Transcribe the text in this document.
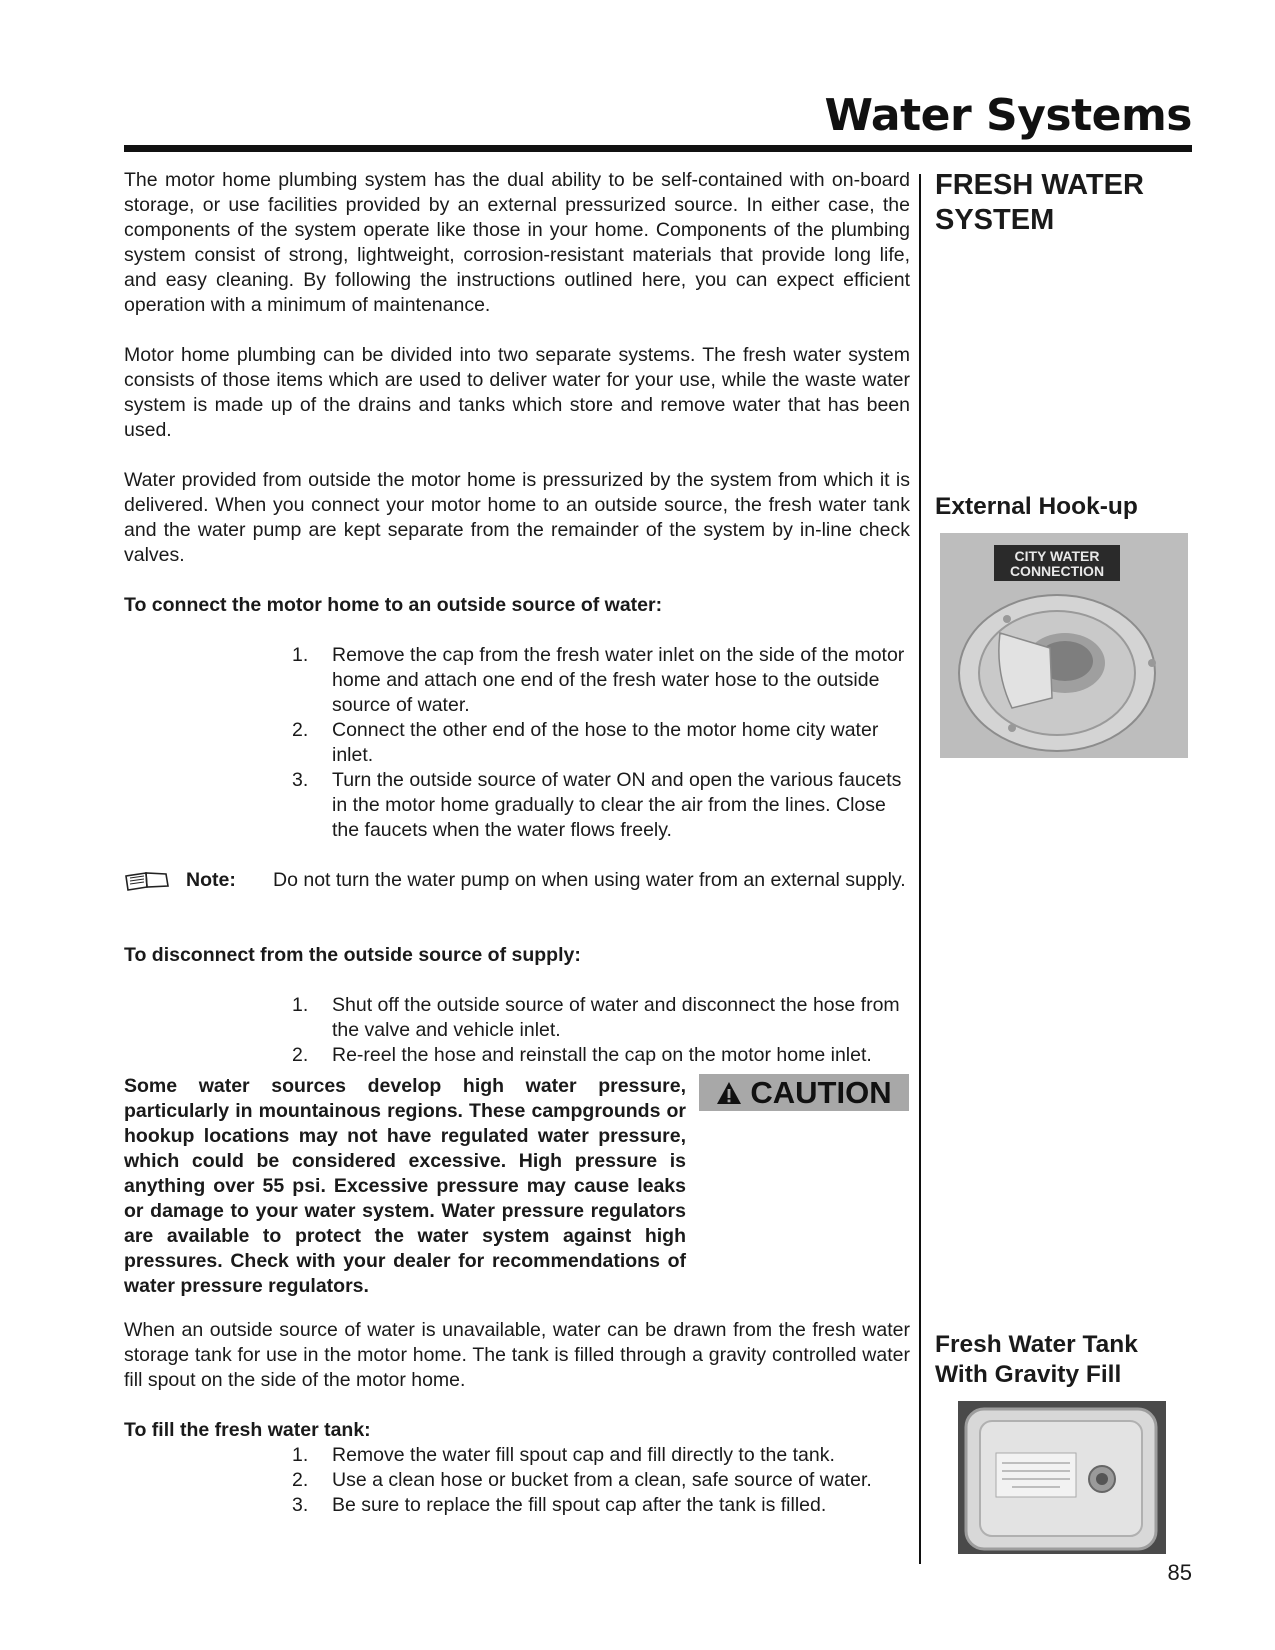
Water Systems

The motor home plumbing system has the dual ability to be self-contained with on-board storage, or use facilities provided by an external pressurized source. In either case, the components of the system operate like those in your home. Components of the plumbing system consist of strong, lightweight, corrosion-resistant materials that provide long life, and easy cleaning. By following the instructions outlined here, you can expect efficient operation with a minimum of maintenance.

Motor home plumbing can be divided into two separate systems. The fresh water system consists of those items which are used to deliver water for your use, while the waste water system is made up of the drains and tanks which store and remove water that has been used.

Water provided from outside the motor home is pressurized by the system from which it is delivered. When you connect your motor home to an outside source, the fresh water tank and the water pump are kept separate from the remainder of the system by in-line check valves.

To connect the motor home to an outside source of water:

1. Remove the cap from the fresh water inlet on the side of the motor home and attach one end of the fresh water hose to the outside source of water.
2. Connect the other end of the hose to the motor home city water inlet.
3. Turn the outside source of water ON and open the various faucets in the motor home gradually to clear the air from the lines. Close the faucets when the water flows freely.
Note: Do not turn the water pump on when using water from an external supply.

To disconnect from the outside source of supply:

1. Shut off the outside source of water and disconnect the hose from the valve and vehicle inlet.
2. Re-reel the hose and reinstall the cap on the motor home inlet.
Some water sources develop high water pressure, particularly in mountainous regions. These campgrounds or hookup locations may not have regulated water pressure, which could be considered excessive. High pressure is anything over 55 psi. Excessive pressure may cause leaks or damage to your water system. Water pressure regulators are available to protect the water system against high pressures. Check with your dealer for recommendations of water pressure regulators.
CAUTION

When an outside source of water is unavailable, water can be drawn from the fresh water storage tank for use in the motor home. The tank is filled through a gravity controlled water fill spout on the side of the motor home.

To fill the fresh water tank:

1. Remove the water fill spout cap and fill directly to the tank.
2. Use a clean hose or bucket from a clean, safe source of water.
3. Be sure to replace the fill spout cap after the tank is filled.
FRESH WATER
SYSTEM
External Hook-up
CITY WATER
CONNECTION
Fresh Water Tank
With Gravity Fill
85
